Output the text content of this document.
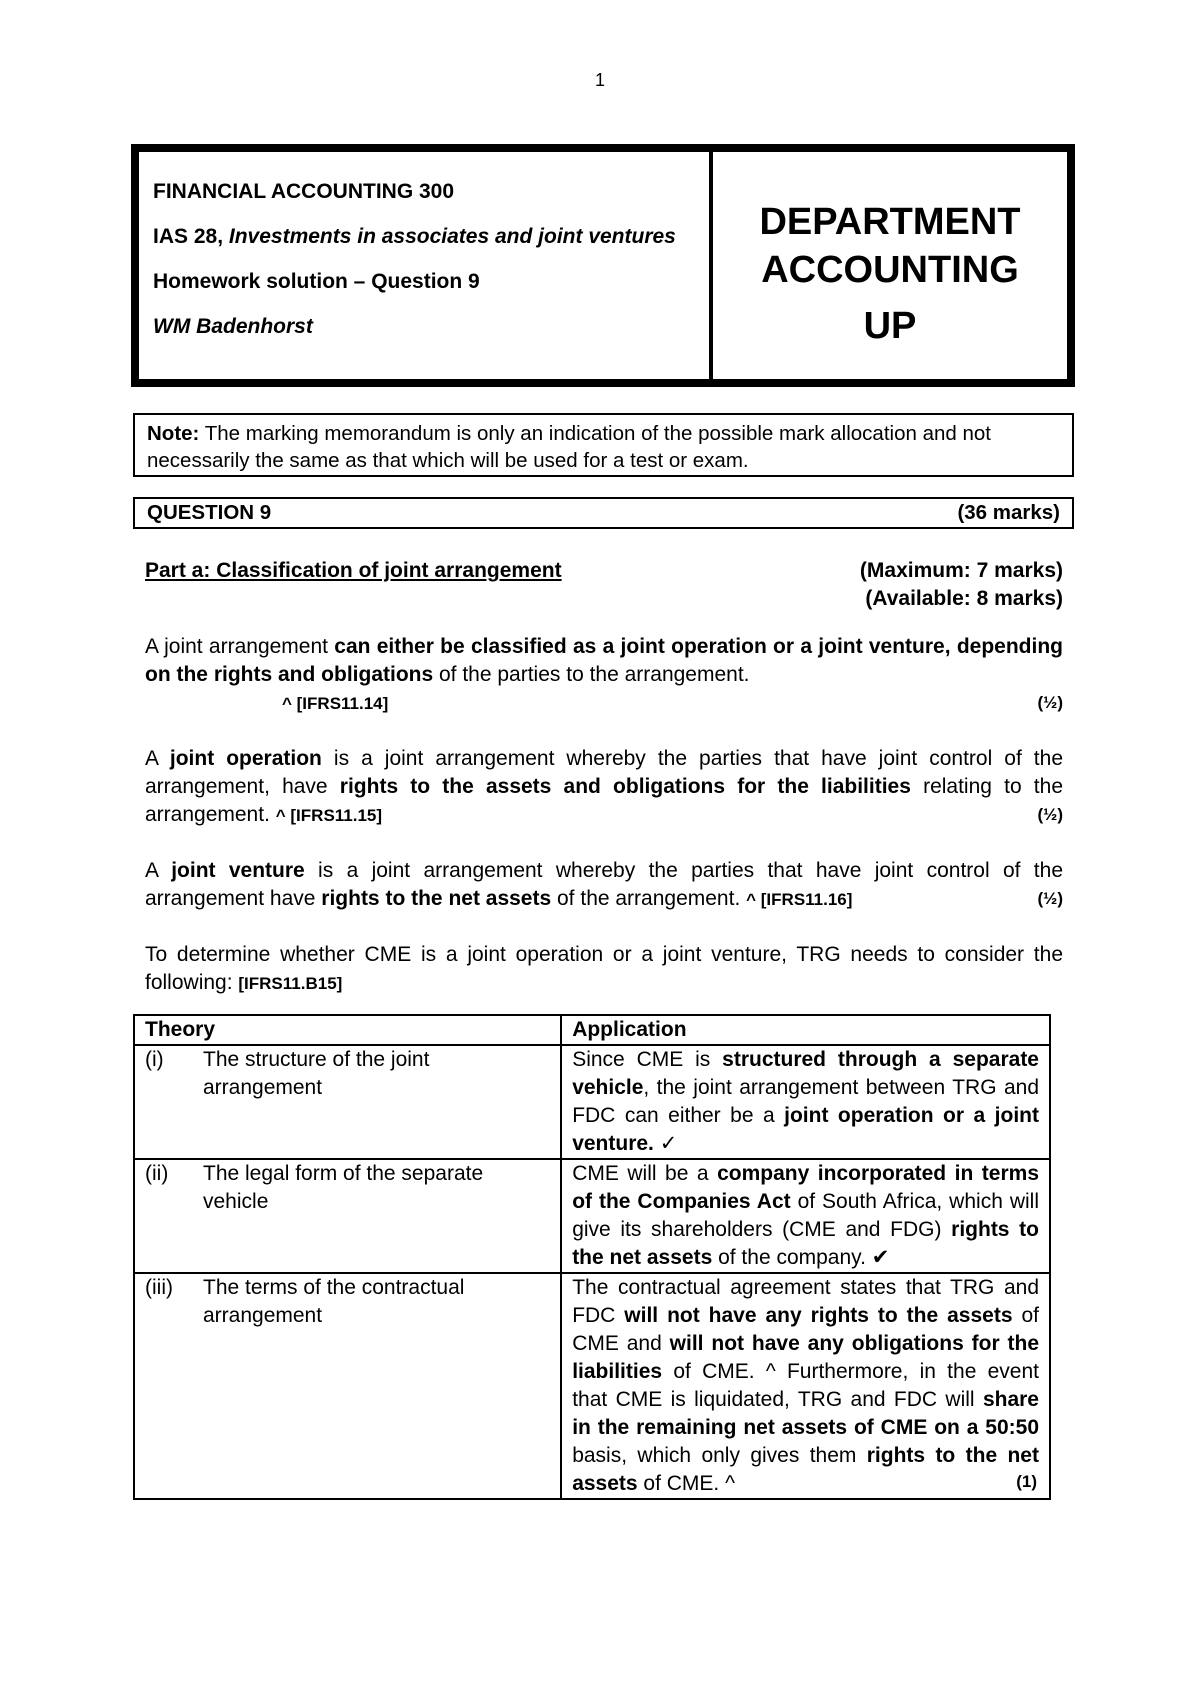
1

FINANCIAL ACCOUNTING 300

IAS 28, Investments in associates and joint ventures

Homework solution – Question 9

WM Badenhorst

DEPARTMENT
ACCOUNTING
UP
Note: The marking memorandum is only an indication of the possible mark allocation and not necessarily the same as that which will be used for a test or exam.
QUESTION 9	(36 marks)
Part a: Classification of joint arrangement	(Maximum: 7 marks)
(Available: 8 marks)
A joint arrangement can either be classified as a joint operation or a joint venture, depending on the rights and obligations of the parties to the arrangement.
^ [IFRS11.14]	(½)
A joint operation is a joint arrangement whereby the parties that have joint control of the arrangement, have rights to the assets and obligations for the liabilities relating to the arrangement. ^ [IFRS11.15]	(½)
A joint venture is a joint arrangement whereby the parties that have joint control of the arrangement have rights to the net assets of the arrangement. ^ [IFRS11.16]	(½)
To determine whether CME is a joint operation or a joint venture, TRG needs to consider the following: [IFRS11.B15]
Theory	Application

(i) The structure of the joint arrangement	Since CME is structured through a separate vehicle, the joint arrangement between TRG and FDC can either be a joint operation or a joint venture. ✓

(ii) The legal form of the separate vehicle	CME will be a company incorporated in terms of the Companies Act of South Africa, which will give its shareholders (CME and FDG) rights to the net assets of the company. ✔

(iii) The terms of the contractual arrangement	The contractual agreement states that TRG and FDC will not have any rights to the assets of CME and will not have any obligations for the liabilities of CME. ^ Furthermore, in the event that CME is liquidated, TRG and FDC will share in the remaining net assets of CME on a 50:50 basis, which only gives them rights to the net assets of CME. ^ (1)
